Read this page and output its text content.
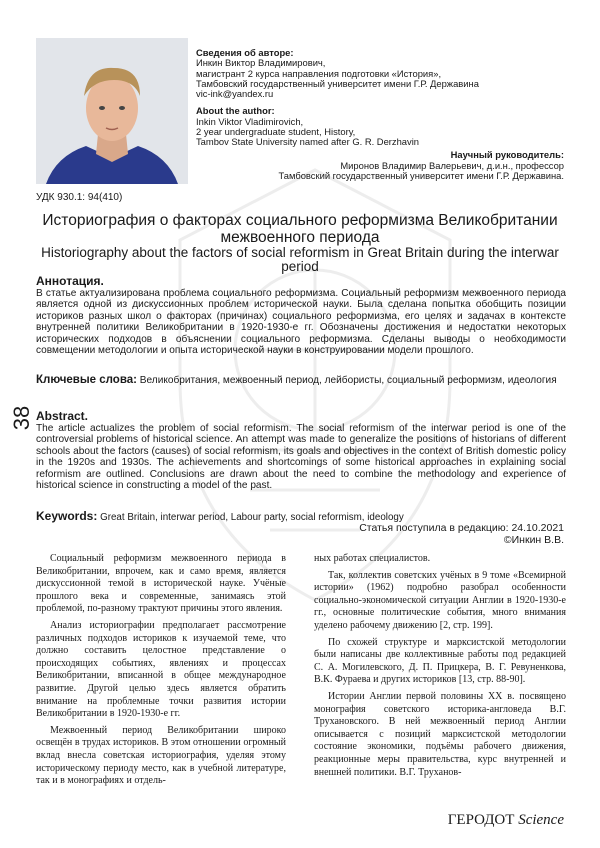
Сведения об авторе:
Инкин Виктор Владимирович,
магистрант 2 курса направления подготовки «История»,
Тамбовский государственный университет имени Г.Р. Державина
vic-ink@yandex.ru
About the author:
Inkin Viktor Vladimirovich,
2 year undergraduate student, History,
Tambov State University named after G. R. Derzhavin
Научный руководитель:
Миронов Владимир Валерьевич, д.и.н., профессор
Тамбовский государственный университет имени Г.Р. Державина.
УДК 930.1: 94(410)
Историография о факторах социального реформизма Великобритании межвоенного периода
Historiography about the factors of social reformism in Great Britain during the interwar period
Аннотация.
В статье актуализирована проблема социального реформизма. Социальный реформизм межвоенного периода является одной из дискуссионных проблем исторической науки. Была сделана попытка обобщить позиции историков разных школ о факторах (причинах) социального реформизма, его целях и задачах в контексте внутренней политики Великобритании в 1920-1930-е гг. Обозначены достижения и недостатки некоторых исторических подходов в объяснении социального реформизма. Сделаны выводы о необходимости совмещении методологии и опыта исторической науки в конструировании модели прошлого.
Ключевые слова: Великобритания, межвоенный период, лейбористы, социальный реформизм, идеология
38 Abstract.
The article actualizes the problem of social reformism. The social reformism of the interwar period is one of the controversial problems of historical science. An attempt was made to generalize the positions of historians of different schools about the factors (causes) of social reformism, its goals and objectives in the context of British domestic policy in the 1920s and 1930s. The achievements and shortcomings of some historical approaches in explaining social reformism are outlined. Conclusions are drawn about the need to combine the methodology and experience of historical science in constructing a model of the past.
Keywords: Great Britain, interwar period, Labour party, social reformism, ideology
Статья поступила в редакцию: 24.10.2021
©Инкин В.В.

Социальный реформизм межвоенного периода в Великобритании, впрочем, как и само время, является дискуссионной темой в исторической науке. Учёные прошлого века и современные, занимаясь этой проблемой, по-разному трактуют причины этого явления.

Анализ историографии предполагает рассмотрение различных подходов историков к изучаемой теме, что должно составить целостное представление о происходящих событиях, явлениях и процессах Великобритании, вписанной в общее международное развитие. Другой целью здесь является обратить внимание на проблемные точки развития истории Великобритании в 1920-1930-е гг.

Межвоенный период Великобритании широко освещён в трудах историков. В этом отношении огромный вклад внесла советская историография, уделяя этому историческому периоду место, как в учебной литературе, так и в монографиях и отдель-

ных работах специалистов.

Так, коллектив советских учёных в 9 томе «Всемирной истории» (1962) подробно разобрал особенности социально-экономической ситуации Англии в 1920-1930-е гг., основные политические события, много внимания уделено рабочему движению [2, стр. 199].

По схожей структуре и марксистской методологии были написаны две коллективные работы под редакцией С. А. Могилевского, Д. П. Прицкера, В. Г. Ревуненкова, В.К. Фураева и других историков [13, стр. 88-90].

Истории Англии первой половины XX в. посвящено монография советского историка-англоведа В.Г. Трухановского. В ней межвоенный период Англии описывается с позиций марксистской методологии состояние экономики, подъёмы рабочего движения, реакционные меры правительства, курс внутренней и внешней политики. В.Г. Труханов-

ГЕРОДОТ Science
